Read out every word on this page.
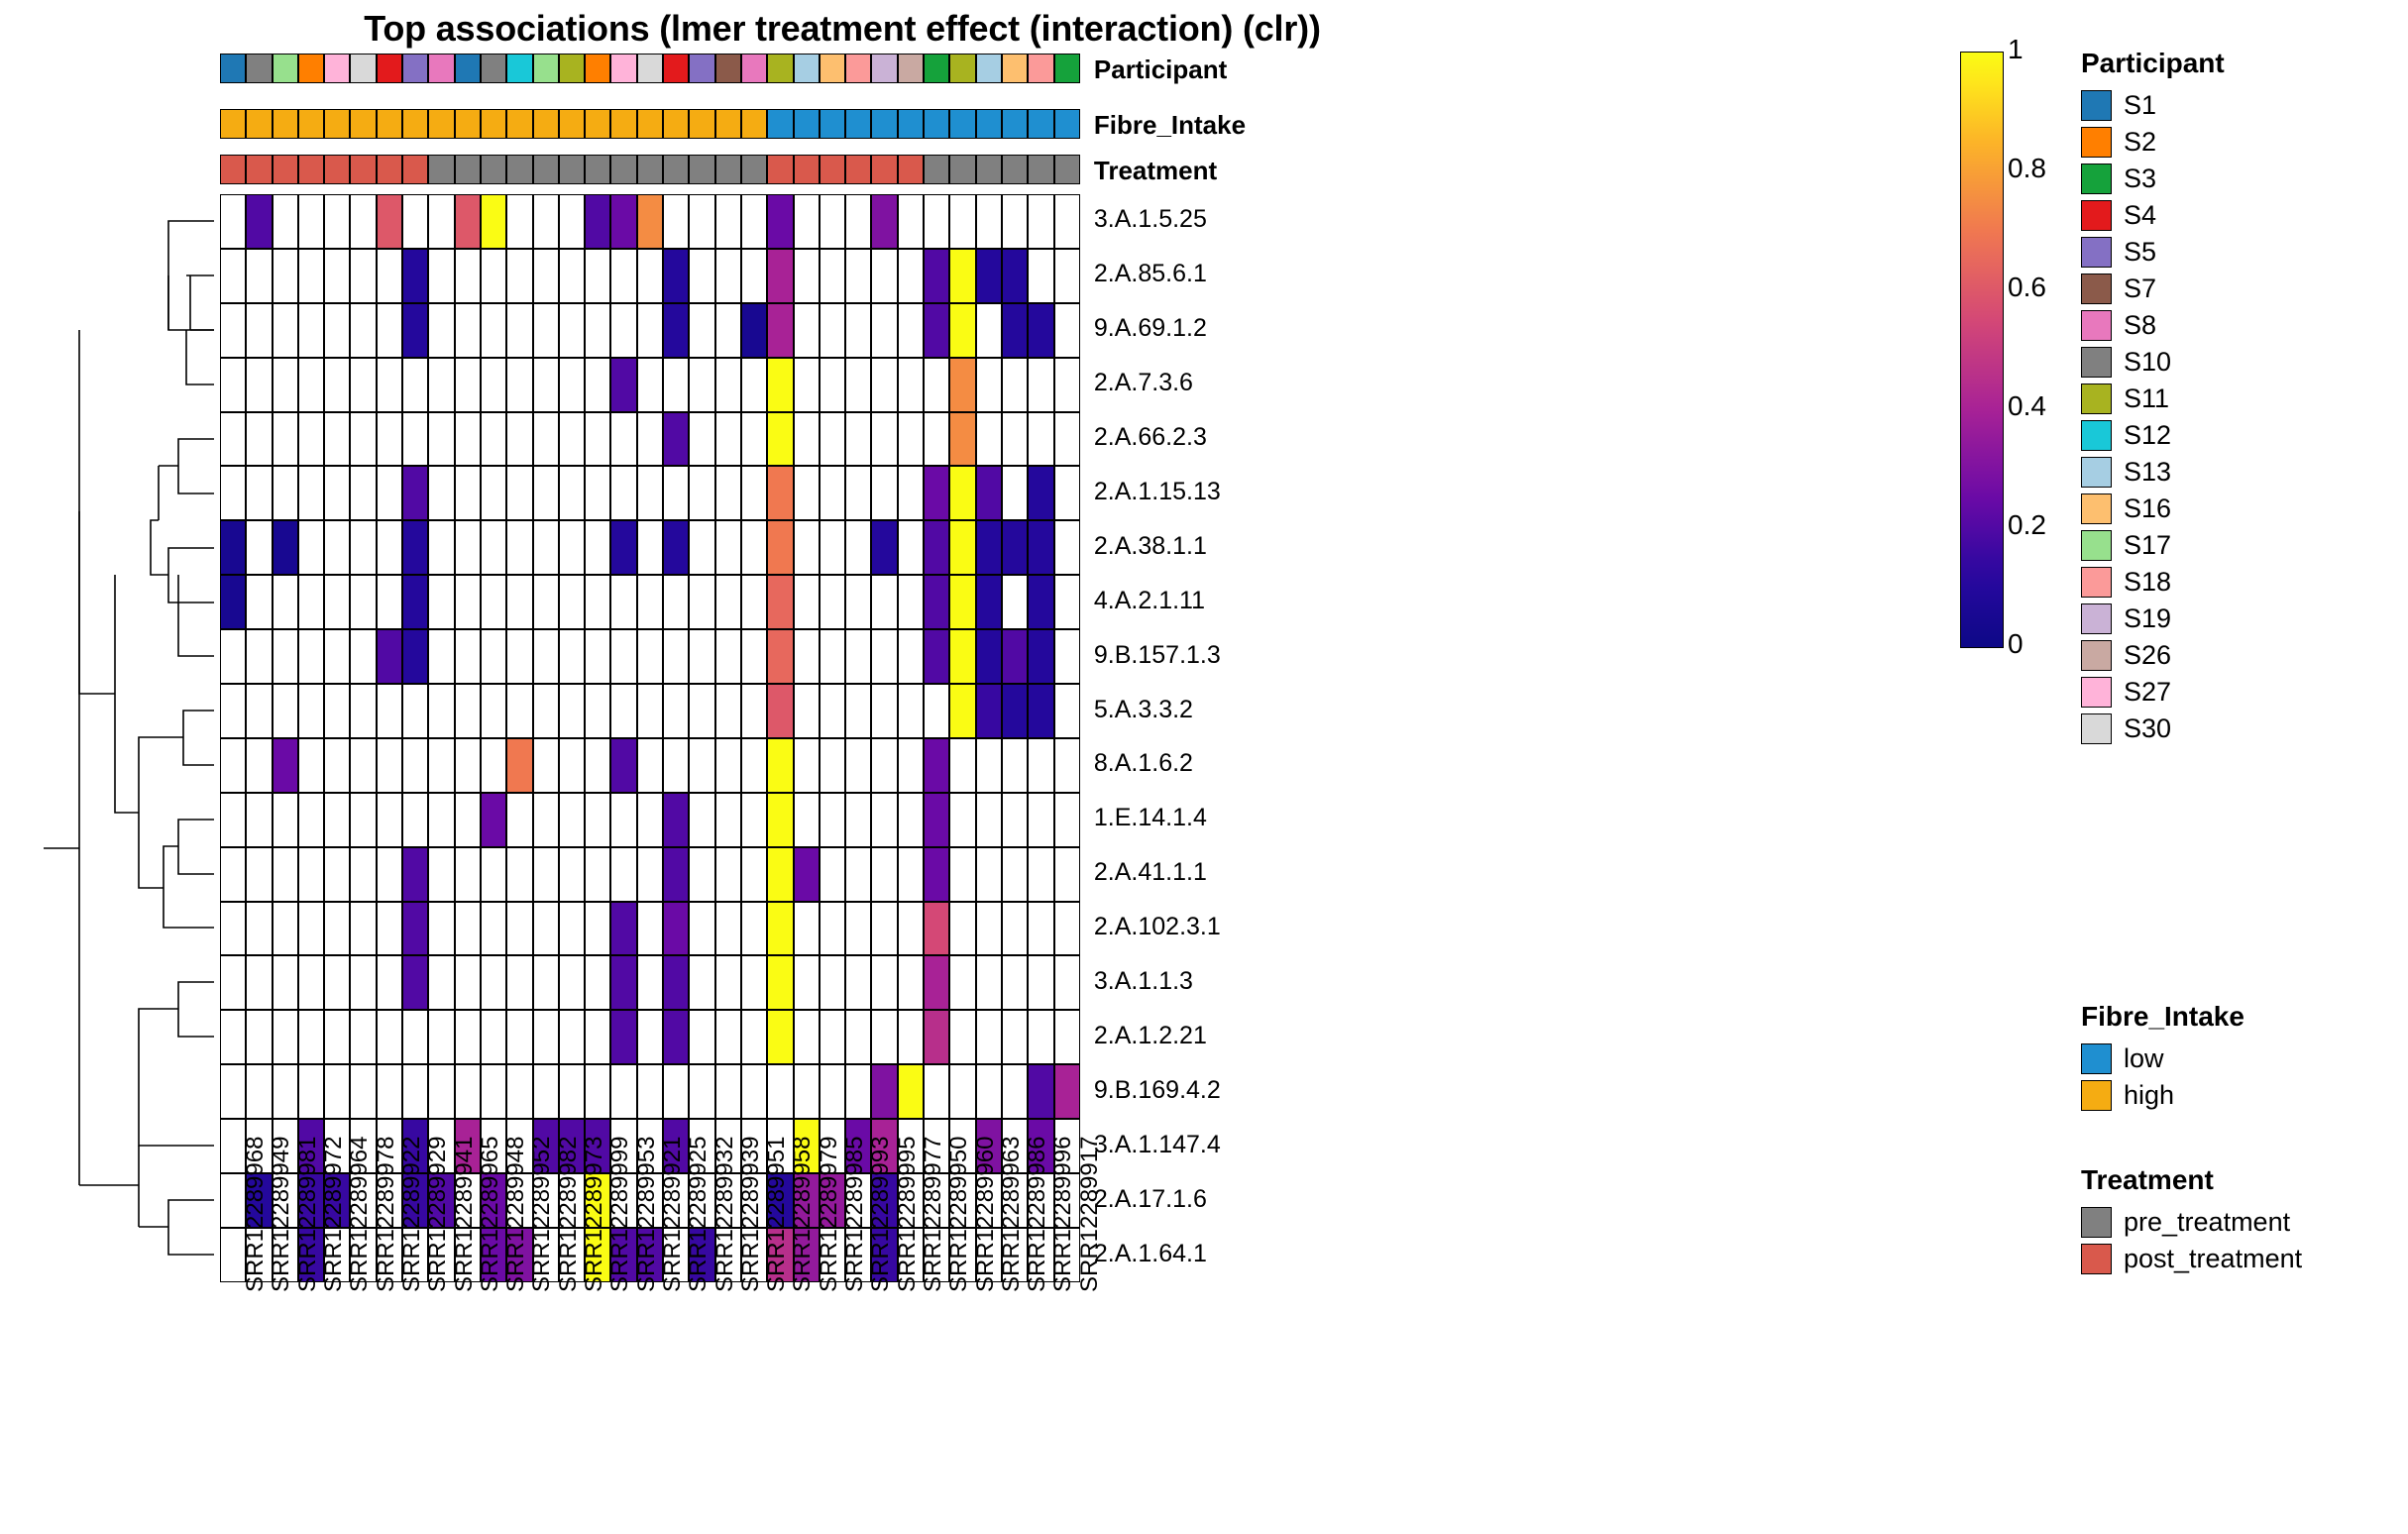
Top associations (lmer treatment effect (interaction) (clr))
Participant
Fibre_Intake
Treatment
3.A.1.5.25
2.A.85.6.1
9.A.69.1.2
2.A.7.3.6
2.A.66.2.3
2.A.1.15.13
2.A.38.1.1
4.A.2.1.11
9.B.157.1.3
5.A.3.3.2
8.A.1.6.2
1.E.14.1.4
2.A.41.1.1
2.A.102.3.1
3.A.1.1.3
2.A.1.2.21
9.B.169.4.2
3.A.1.147.4
2.A.17.1.6
2.A.1.64.1
SRR12289968 SRR12289949 SRR12289981 SRR12289972 SRR12289964 SRR12289978 SRR12289922 SRR12289929 SRR12289941 SRR12289965 SRR12289948 SRR12289952 SRR12289982 SRR12289973 SRR12289999 SRR12289953 SRR12289921 SRR12289925 SRR12289932 SRR12289939 SRR12289951 SRR12289958 SRR12289979 SRR12289985 SRR12289993 SRR12289995 SRR12289977 SRR12289950 SRR12289960 SRR12289963 SRR12289986 SRR12289996 SRR12289917
1
0.8
0.6
0.4
0.2
0
Participant
S1
S2
S3
S4
S5
S7
S8
S10
S11
S12
S13
S16
S17
S18
S19
S26
S27
S30
Fibre_Intake
low
high
Treatment
pre_treatment
post_treatment
